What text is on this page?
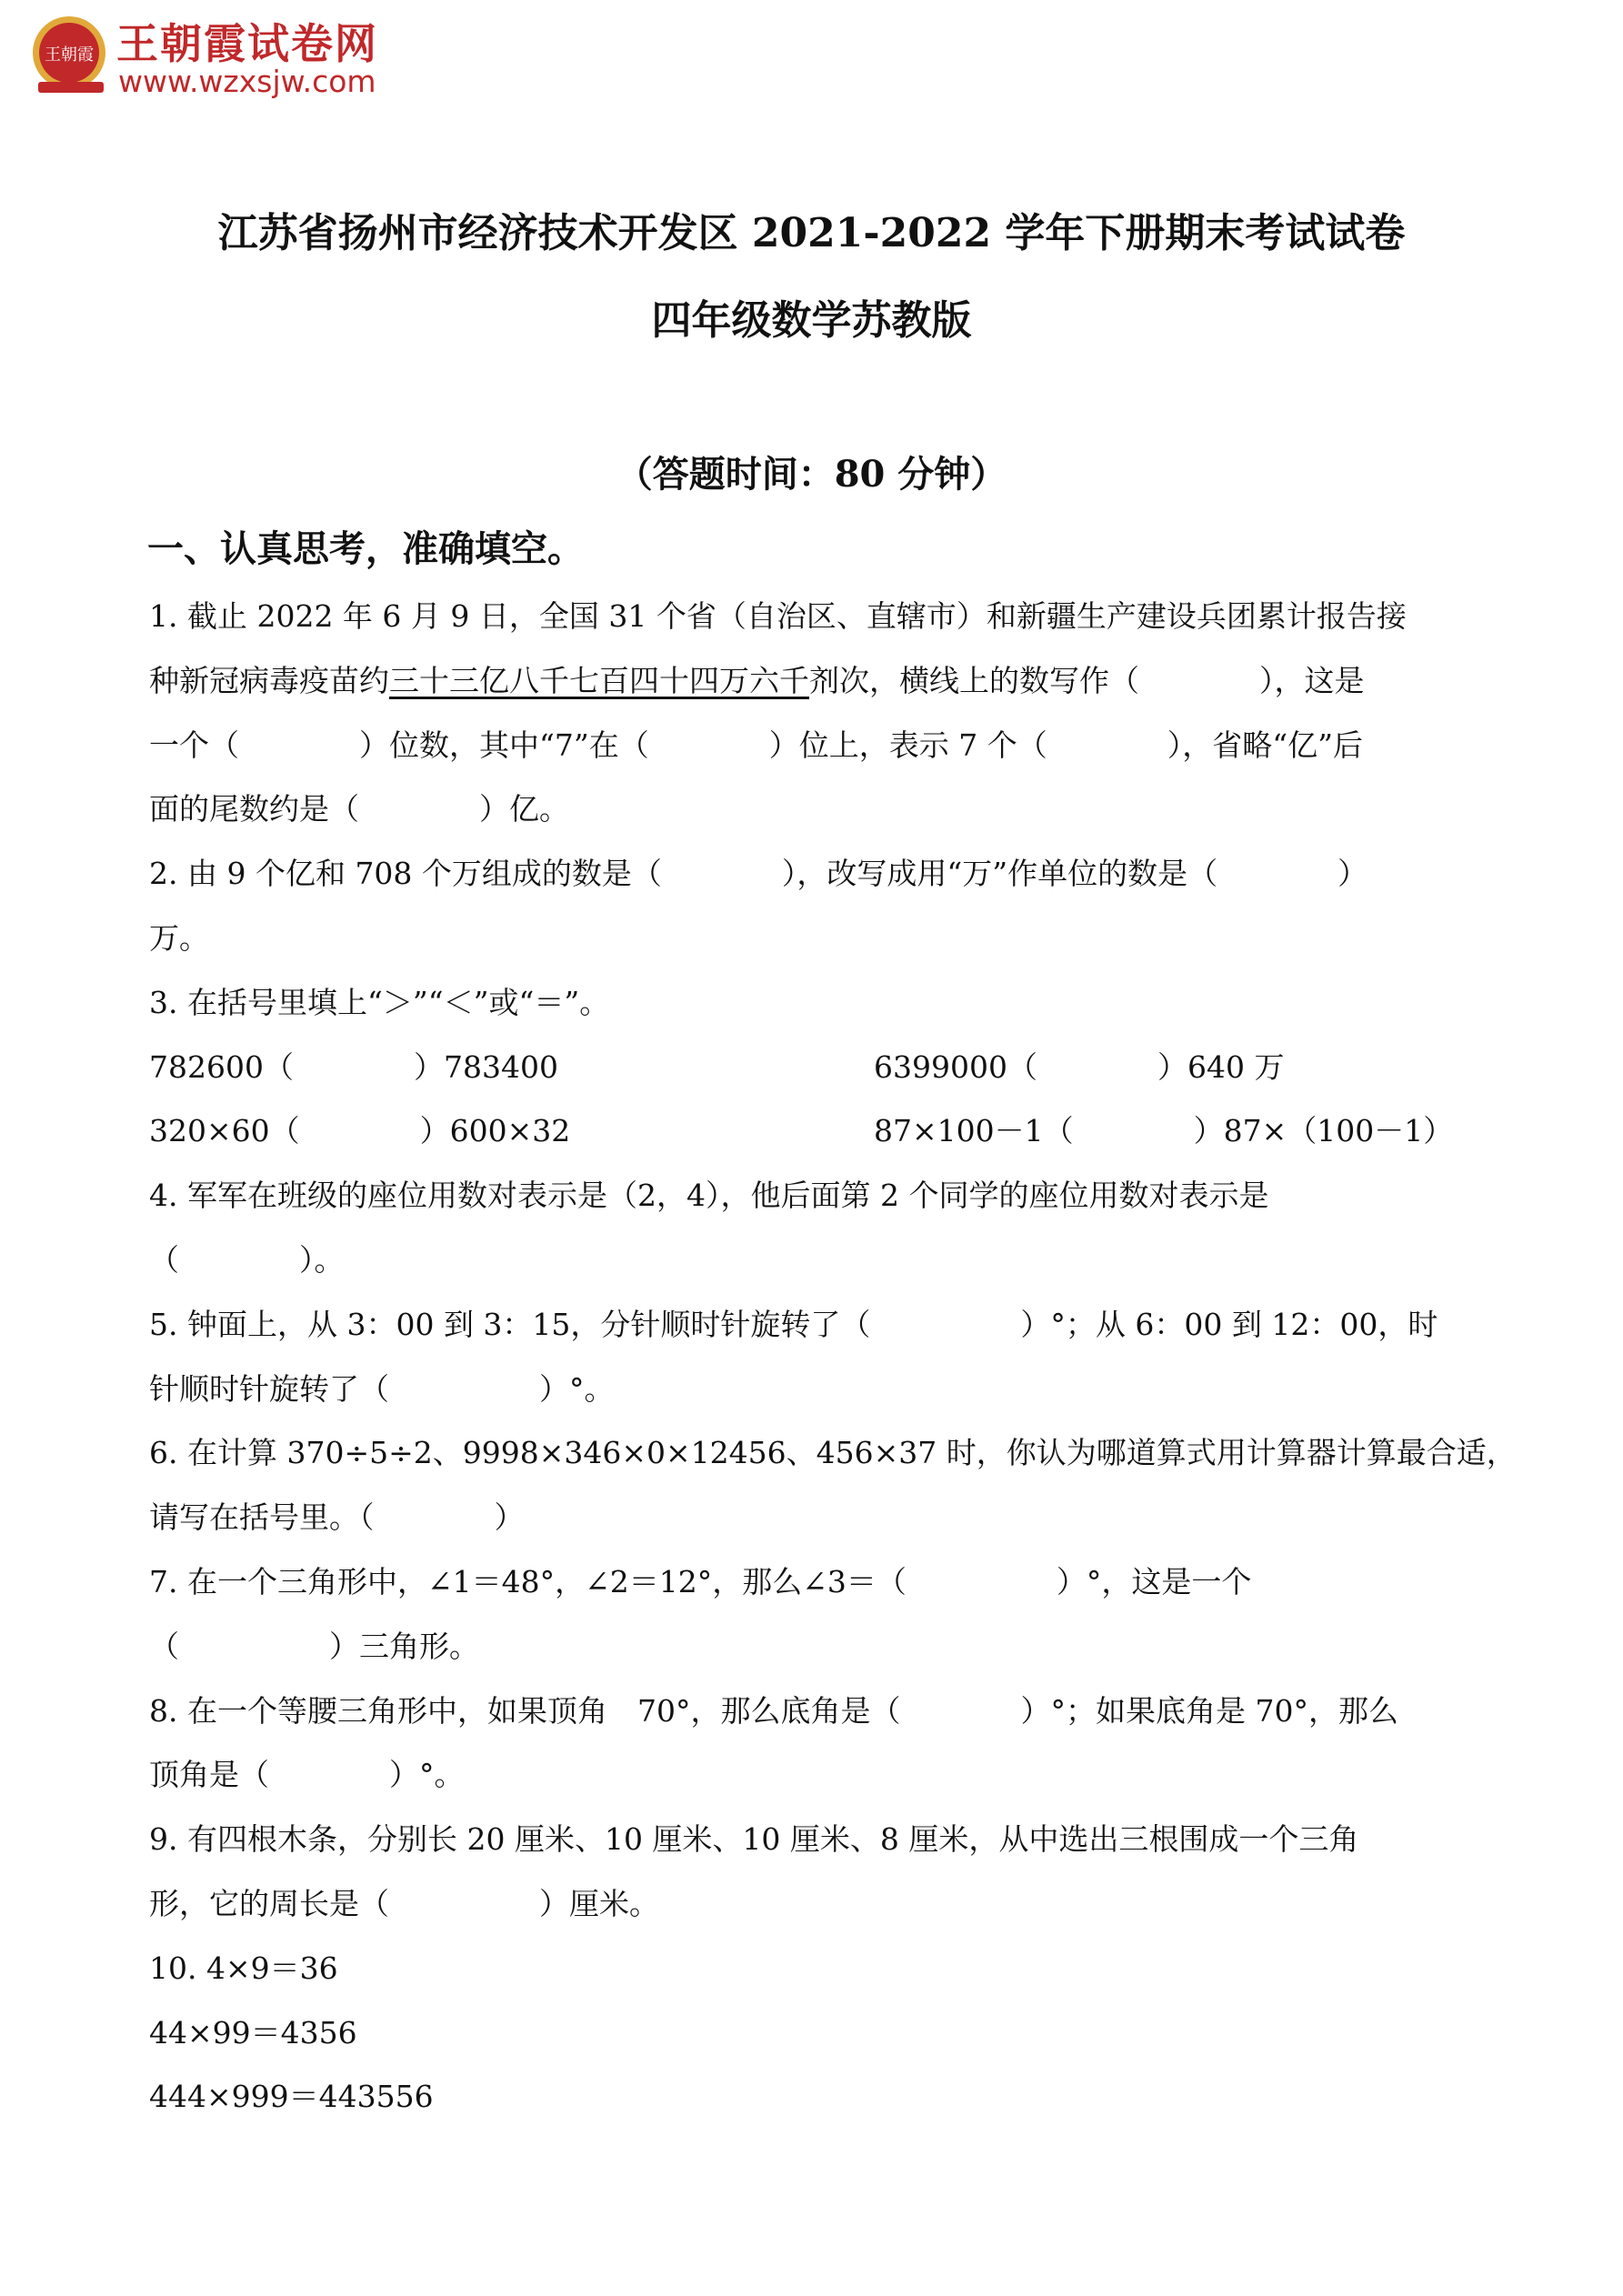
王朝霞 王朝霞试卷网
www.wzxsjw.com
江苏省扬州市经济技术开发区 2021-2022 学年下册期末考试试卷
四年级数学苏教版
（答题时间：80 分钟）
一、认真思考，准确填空。
1. 截止 2022 年 6 月 9 日，全国 31 个省（自治区、直辖市）和新疆生产建设兵团累计报告接
种新冠病毒疫苗约三十三亿八千七百四十四万六千剂次，横线上的数写作（　　　　），这是
一个（　　　　）位数，其中“7”在（　　　　）位上，表示 7 个（　　　　），省略“亿”后
面的尾数约是（　　　　）亿。
2. 由 9 个亿和 708 个万组成的数是（　　　　），改写成用“万”作单位的数是（　　　　）
万。
3. 在括号里填上“＞”“＜”或“＝”。
782600（　　　　）783400	6399000（　　　　）640 万
320×60（　　　　）600×32	87×100－1（　　　　）87×（100－1）
4. 军军在班级的座位用数对表示是（2，4），他后面第 2 个同学的座位用数对表示是
（　　　　）。
5. 钟面上，从 3：00 到 3：15，分针顺时针旋转了（　　　　　）°；从 6：00 到 12：00，时
针顺时针旋转了（　　　　　）°。
6. 在计算 370÷5÷2、9998×346×0×12456、456×37 时，你认为哪道算式用计算器计算最合适，
请写在括号里。（　　　　）
7. 在一个三角形中，∠1＝48°，∠2＝12°，那么∠3＝（　　　　　）°，这是一个
（　　　　　）三角形。
8. 在一个等腰三角形中，如果顶角　70°，那么底角是（　　　　）°；如果底角是 70°，那么
顶角是（　　　　）°。
9. 有四根木条，分别长 20 厘米、10 厘米、10 厘米、8 厘米，从中选出三根围成一个三角
形，它的周长是（　　　　　）厘米。
10. 4×9＝36
44×99＝4356
444×999＝443556
